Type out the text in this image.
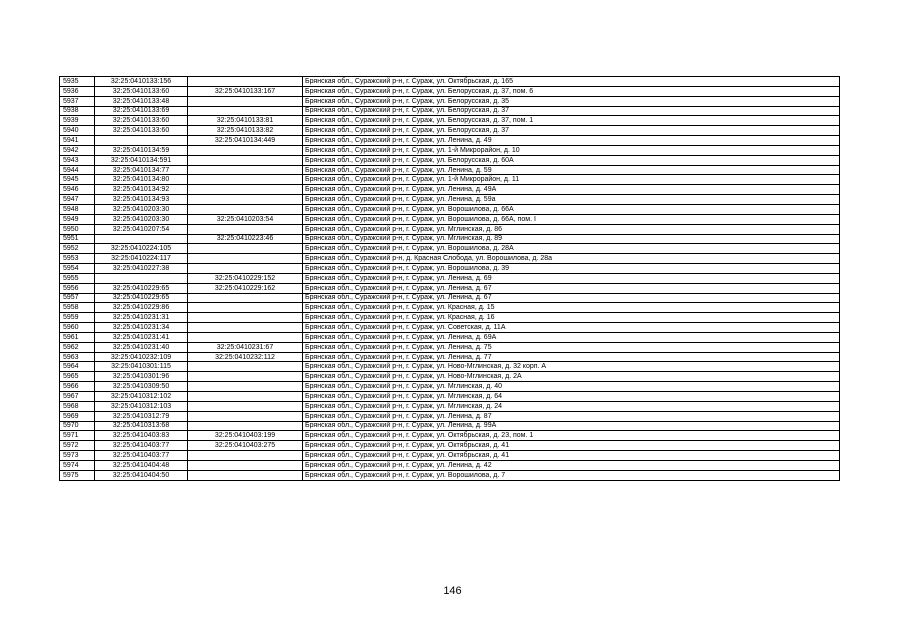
5935	32:25:0410133:156		Брянская обл., Суражский р-н, г. Сураж, ул. Октябрьская, д. 165
5936	32:25:0410133:60	32:25:0410133:167	Брянская обл., Суражский р-н, г. Сураж, ул. Белорусская, д. 37, пом. 6
5937	32:25:0410133:48		Брянская обл., Суражский р-н, г. Сураж, ул. Белорусская, д. 35
5938	32:25:0410133:69		Брянская обл., Суражский р-н, г. Сураж, ул. Белорусская, д. 37
5939	32:25:0410133:60	32:25:0410133:81	Брянская обл., Суражский р-н, г. Сураж, ул. Белорусская, д. 37, пом. 1
5940	32:25:0410133:60	32:25:0410133:82	Брянская обл., Суражский р-н, г. Сураж, ул. Белорусская, д. 37
5941		32:25:0410134:449	Брянская обл., Суражский р-н, г. Сураж, ул. Ленина, д. 49
5942	32:25:0410134:59		Брянская обл., Суражский р-н, г. Сураж, ул. 1-й Микрорайон, д. 10
5943	32:25:0410134:591		Брянская обл., Суражский р-н, г. Сураж, ул. Белорусская, д. 60А
5944	32:25:0410134:77		Брянская обл., Суражский р-н, г. Сураж, ул. Ленина, д. 59
5945	32:25:0410134:80		Брянская обл., Суражский р-н, г. Сураж, ул. 1-й Микрорайон, д. 11
5946	32:25:0410134:92		Брянская обл., Суражский р-н, г. Сураж, ул. Ленина, д. 49А
5947	32:25:0410134:93		Брянская обл., Суражский р-н, г. Сураж, ул. Ленина, д. 59а
5948	32:25:0410203:30		Брянская обл., Суражский р-н, г. Сураж, ул. Ворошилова, д. 66А
5949	32:25:0410203:30	32:25:0410203:54	Брянская обл., Суражский р-н, г. Сураж, ул. Ворошилова, д. 66А, пом. I
5950	32:25:0410207:54		Брянская обл., Суражский р-н, г. Сураж, ул. Мглинская, д. 86
5951		32:25:0410223:46	Брянская обл., Суражский р-н, г. Сураж, ул. Мглинская, д. 89
5952	32:25:0410224:105		Брянская обл., Суражский р-н, г. Сураж, ул. Ворошилова, д. 28А
5953	32:25:0410224:117		Брянская обл., Суражский р-н, д. Красная Слобода, ул. Ворошилова, д. 28а
5954	32:25:0410227:38		Брянская обл., Суражский р-н, г. Сураж, ул. Ворошилова, д. 39
5955		32:25:0410229:152	Брянская обл., Суражский р-н, г. Сураж, ул. Ленина, д. 69
5956	32:25:0410229:65	32:25:0410229:162	Брянская обл., Суражский р-н, г. Сураж, ул. Ленина, д. 67
5957	32:25:0410229:65		Брянская обл., Суражский р-н, г. Сураж, ул. Ленина, д. 67
5958	32:25:0410229:86		Брянская обл., Суражский р-н, г. Сураж, ул. Красная, д. 15
5959	32:25:0410231:31		Брянская обл., Суражский р-н, г. Сураж, ул. Красная, д. 16
5960	32:25:0410231:34		Брянская обл., Суражский р-н, г. Сураж, ул. Советская, д. 11А
5961	32:25:0410231:41		Брянская обл., Суражский р-н, г. Сураж, ул. Ленина, д. 69А
5962	32:25:0410231:40	32:25:0410231:67	Брянская обл., Суражский р-н, г. Сураж, ул. Ленина, д. 75
5963	32:25:0410232:109	32:25:0410232:112	Брянская обл., Суражский р-н, г. Сураж, ул. Ленина, д. 77
5964	32:25:0410301:115		Брянская обл., Суражский р-н, г. Сураж, ул. Ново-Мглинская, д. 32 корп. А
5965	32:25:0410301:96		Брянская обл., Суражский р-н, г. Сураж, ул. Ново-Мглинская, д. 2А
5966	32:25:0410309:50		Брянская обл., Суражский р-н, г. Сураж, ул. Мглинская, д. 40
5967	32:25:0410312:102		Брянская обл., Суражский р-н, г. Сураж, ул. Мглинская, д. 64
5968	32:25:0410312:103		Брянская обл., Суражский р-н, г. Сураж, ул. Мглинская, д. 24
5969	32:25:0410312:79		Брянская обл., Суражский р-н, г. Сураж, ул. Ленина, д. 87
5970	32:25:0410313:68		Брянская обл., Суражский р-н, г. Сураж, ул. Ленина, д. 99А
5971	32:25:0410403:83	32:25:0410403:199	Брянская обл., Суражский р-н, г. Сураж, ул. Октябрьская, д. 23, пом. 1
5972	32:25:0410403:77	32:25:0410403:275	Брянская обл., Суражский р-н, г. Сураж, ул. Октябрьская, д. 41
5973	32:25:0410403:77		Брянская обл., Суражский р-н, г. Сураж, ул. Октябрьская, д. 41
5974	32:25:0410404:48		Брянская обл., Суражский р-н, г. Сураж, ул. Ленина, д. 42
5975	32:25:0410404:50		Брянская обл., Суражский р-н, г. Сураж, ул. Ворошилова, д. 7
146
